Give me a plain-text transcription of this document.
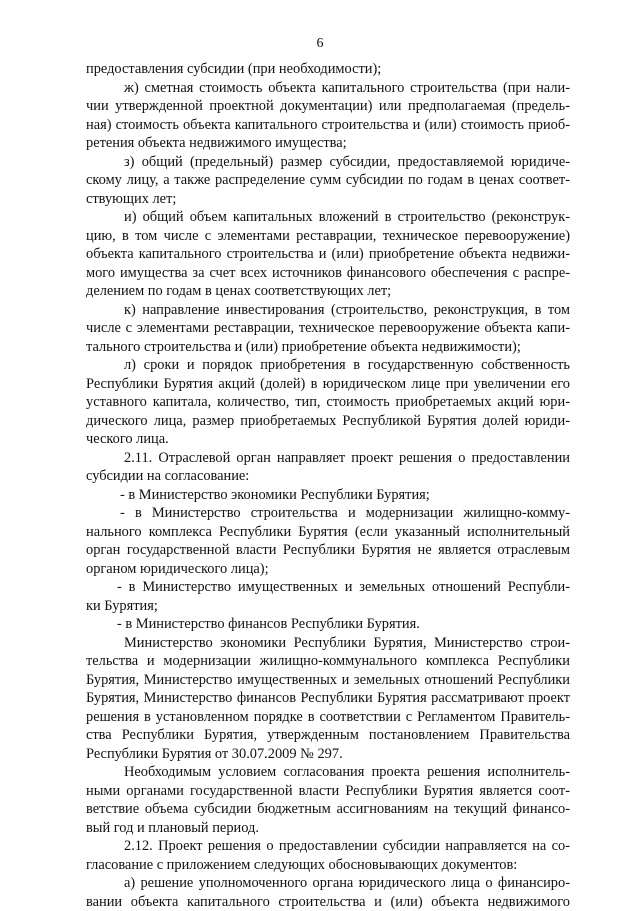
6
предоставления субсидии (при необходимости);
ж) сметная стоимость объекта капитального строительства (при нали-
чии утвержденной проектной документации) или предполагаемая (предель-
ная) стоимость объекта капитального строительства и (или) стоимость приоб-
ретения объекта недвижимого имущества;
з) общий (предельный) размер субсидии, предоставляемой юридиче-
скому лицу, а также распределение сумм субсидии по годам в ценах соответ-
ствующих лет;
и) общий объем капитальных вложений в строительство (реконструк-
цию, в том числе с элементами реставрации, техническое перевооружение)
объекта капитального строительства и (или) приобретение объекта недвижи-
мого имущества за счет всех источников финансового обеспечения с распре-
делением по годам в ценах соответствующих лет;
к) направление инвестирования (строительство, реконструкция, в том
числе с элементами реставрации, техническое перевооружение объекта капи-
тального строительства и (или) приобретение объекта недвижимости);
л) сроки и порядок приобретения в государственную собственность
Республики Бурятия акций (долей) в юридическом лице при увеличении его
уставного капитала, количество, тип, стоимость приобретаемых акций юри-
дического лица, размер приобретаемых Республикой Бурятия долей юриди-
ческого лица.
2.11. Отраслевой орган направляет проект решения о предоставлении
субсидии на согласование:
- в Министерство экономики Республики Бурятия;
- в Министерство строительства и модернизации жилищно-комму-
нального комплекса Республики Бурятия (если указанный исполнительный
орган государственной власти Республики Бурятия не является отраслевым
органом юридического лица);
- в Министерство имущественных и земельных отношений Республи-
ки Бурятия;
- в Министерство финансов Республики Бурятия.
Министерство экономики Республики Бурятия, Министерство строи-
тельства и модернизации жилищно-коммунального комплекса Республики
Бурятия, Министерство имущественных и земельных отношений Республики
Бурятия, Министерство финансов Республики Бурятия рассматривают проект
решения в установленном порядке в соответствии с Регламентом Правитель-
ства Республики Бурятия, утвержденным постановлением Правительства
Республики Бурятия от 30.07.2009 № 297.
Необходимым условием согласования проекта решения исполнитель-
ными органами государственной власти Республики Бурятия является соот-
ветствие объема субсидии бюджетным ассигнованиям на текущий финансо-
вый год и плановый период.
2.12. Проект решения о предоставлении субсидии направляется на со-
гласование с приложением следующих обосновывающих документов:
а) решение уполномоченного органа юридического лица о финансиро-
вании объекта капитального строительства и (или) объекта недвижимого
